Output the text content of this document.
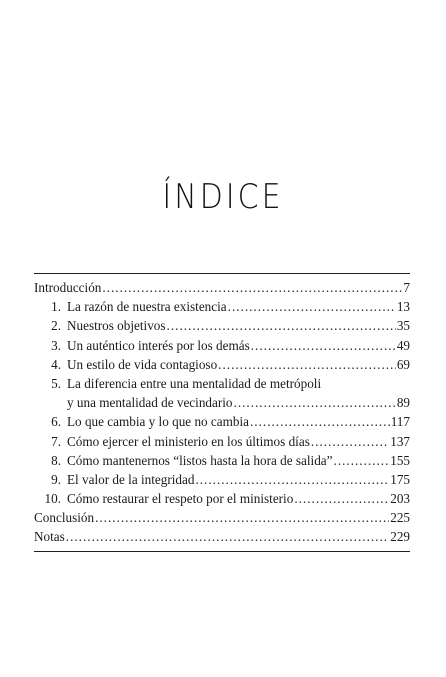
ÍNDICE
Introducción .....	7
1. La razón de nuestra existencia .....	13
2. Nuestros objetivos .....	35
3. Un auténtico interés por los demás .....	49
4. Un estilo de vida contagioso .....	69
5. La diferencia entre una mentalidad de metrópoli
y una mentalidad de vecindario .....	89
6. Lo que cambia y lo que no cambia .....	117
7. Cómo ejercer el ministerio en los últimos días .....	137
8. Cómo mantenernos “listos hasta la hora de salida” .....	155
9. El valor de la integridad .....	175
10. Cómo restaurar el respeto por el ministerio .....	203
Conclusión .....	225
Notas .....	229
